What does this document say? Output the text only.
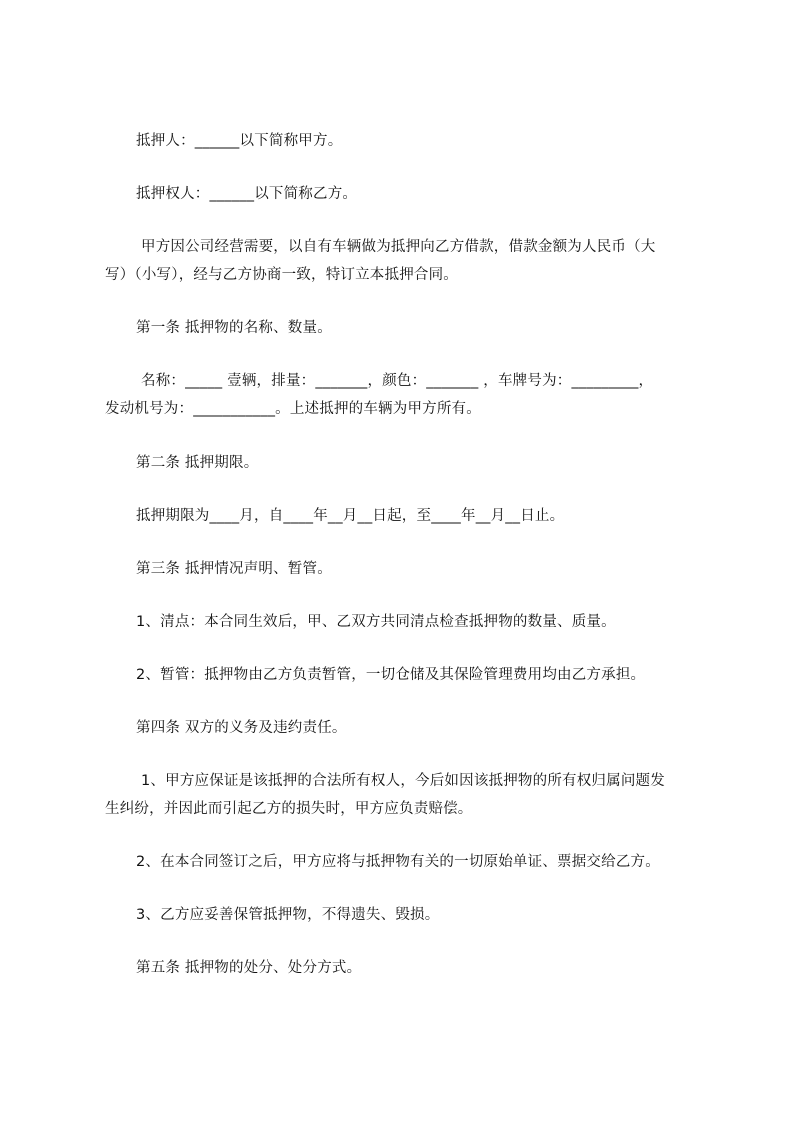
抵押人：______以下简称甲方。
抵押权人：______以下简称乙方。
甲方因公司经营需要，以自有车辆做为抵押向乙方借款，借款金额为人民币（大
写）（小写），经与乙方协商一致，特订立本抵押合同。
第一条 抵押物的名称、数量。
名称：_____ 壹辆，排量：_______，颜色：_______ ，车牌号为：_________，
发动机号为：___________。上述抵押的车辆为甲方所有。
第二条 抵押期限。
抵押期限为____月，自____年__月__日起，至____年__月__日止。
第三条 抵押情况声明、暂管。
1、清点：本合同生效后，甲、乙双方共同清点检查抵押物的数量、质量。
2、暂管：抵押物由乙方负责暂管，一切仓储及其保险管理费用均由乙方承担。
第四条 双方的义务及违约责任。
1、甲方应保证是该抵押的合法所有权人，今后如因该抵押物的所有权归属问题发
生纠纷，并因此而引起乙方的损失时，甲方应负责赔偿。
2、在本合同签订之后，甲方应将与抵押物有关的一切原始单证、票据交给乙方。
3、乙方应妥善保管抵押物，不得遗失、毁损。
第五条 抵押物的处分、处分方式。
